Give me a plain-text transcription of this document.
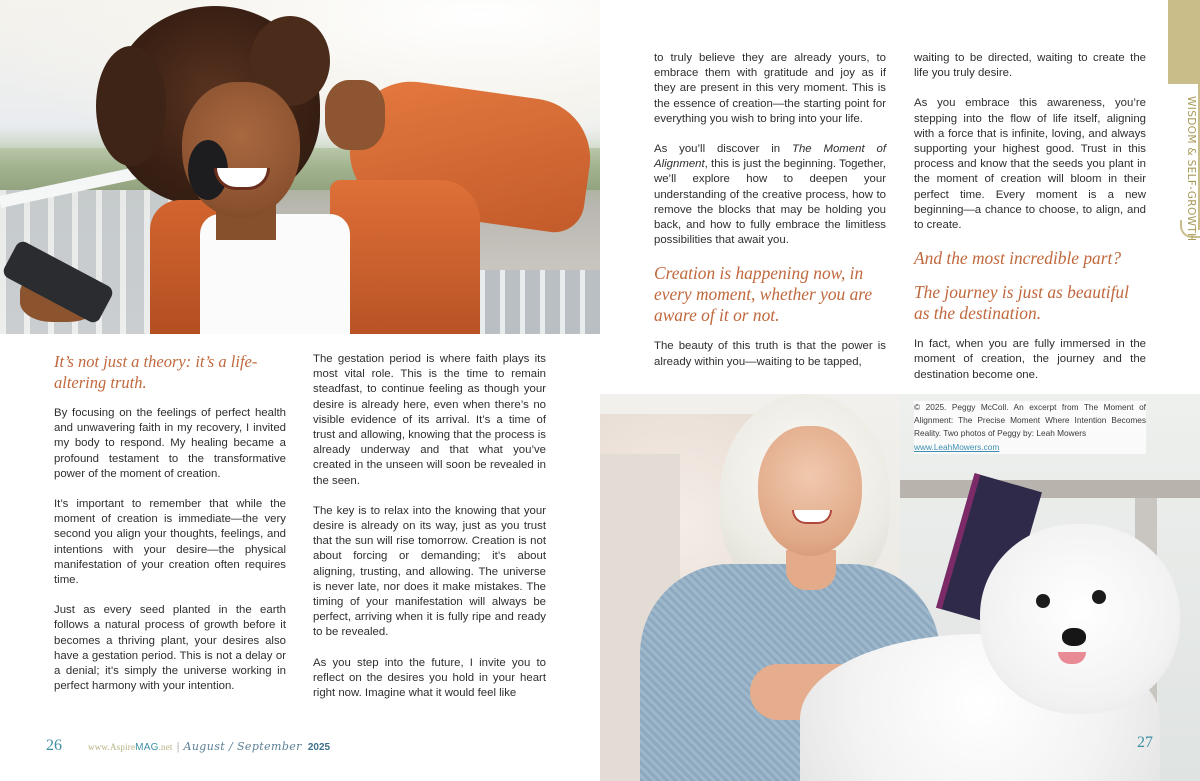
It’s not just a theory: it’s a life-altering truth.

By focusing on the feelings of perfect health and unwavering faith in my recovery, I invited my body to respond. My healing became a profound testament to the transformative power of the moment of creation.

It’s important to remember that while the moment of creation is immediate—the very second you align your thoughts, feelings, and intentions with your desire—the physical manifestation of your creation often requires time.

Just as every seed planted in the earth follows a natural process of growth before it becomes a thriving plant, your desires also have a gestation period. This is not a delay or a denial; it’s simply the universe working in perfect harmony with your intention.

The gestation period is where faith plays its most vital role. This is the time to remain steadfast, to continue feeling as though your desire is already here, even when there’s no visible evidence of its arrival. It’s a time of trust and allowing, knowing that the process is already underway and that what you’ve created in the unseen will soon be revealed in the seen.

The key is to relax into the knowing that your desire is already on its way, just as you trust that the sun will rise tomorrow. Creation is not about forcing or demanding; it’s about aligning, trusting, and allowing. The universe is never late, nor does it make mistakes. The timing of your manifestation will always be perfect, arriving when it is fully ripe and ready to be revealed.

As you step into the future, I invite you to reflect on the desires you hold in your heart right now. Imagine what it would feel like

26	www.AspireMAG.net | August / September 2025

to truly believe they are already yours, to embrace them with gratitude and joy as if they are present in this very moment. This is the essence of creation—the starting point for everything you wish to bring into your life.

As you’ll discover in The Moment of Alignment, this is just the beginning. Together, we’ll explore how to deepen your understanding of the creative process, how to remove the blocks that may be holding you back, and how to fully embrace the limitless possibilities that await you.

Creation is happening now, in every moment, whether you are aware of it or not.

The beauty of this truth is that the power is already within you—waiting to be tapped,

waiting to be directed, waiting to create the life you truly desire.

As you embrace this awareness, you’re stepping into the flow of life itself, aligning with a force that is infinite, loving, and always supporting your highest good. Trust in this process and know that the seeds you plant in the moment of creation will bloom in their perfect time. Every moment is a new beginning—a chance to choose, to align, and to create.

And the most incredible part?
The journey is just as beautiful as the destination.

In fact, when you are fully immersed in the moment of creation, the journey and the destination become one.

© 2025. Peggy McColl. An excerpt from The Moment of Alignment: The Precise Moment Where Intention Becomes Reality. Two photos of Peggy by: Leah Mowers
www.LeahMowers.com
WISDOM & SELF-GROWTH
27
